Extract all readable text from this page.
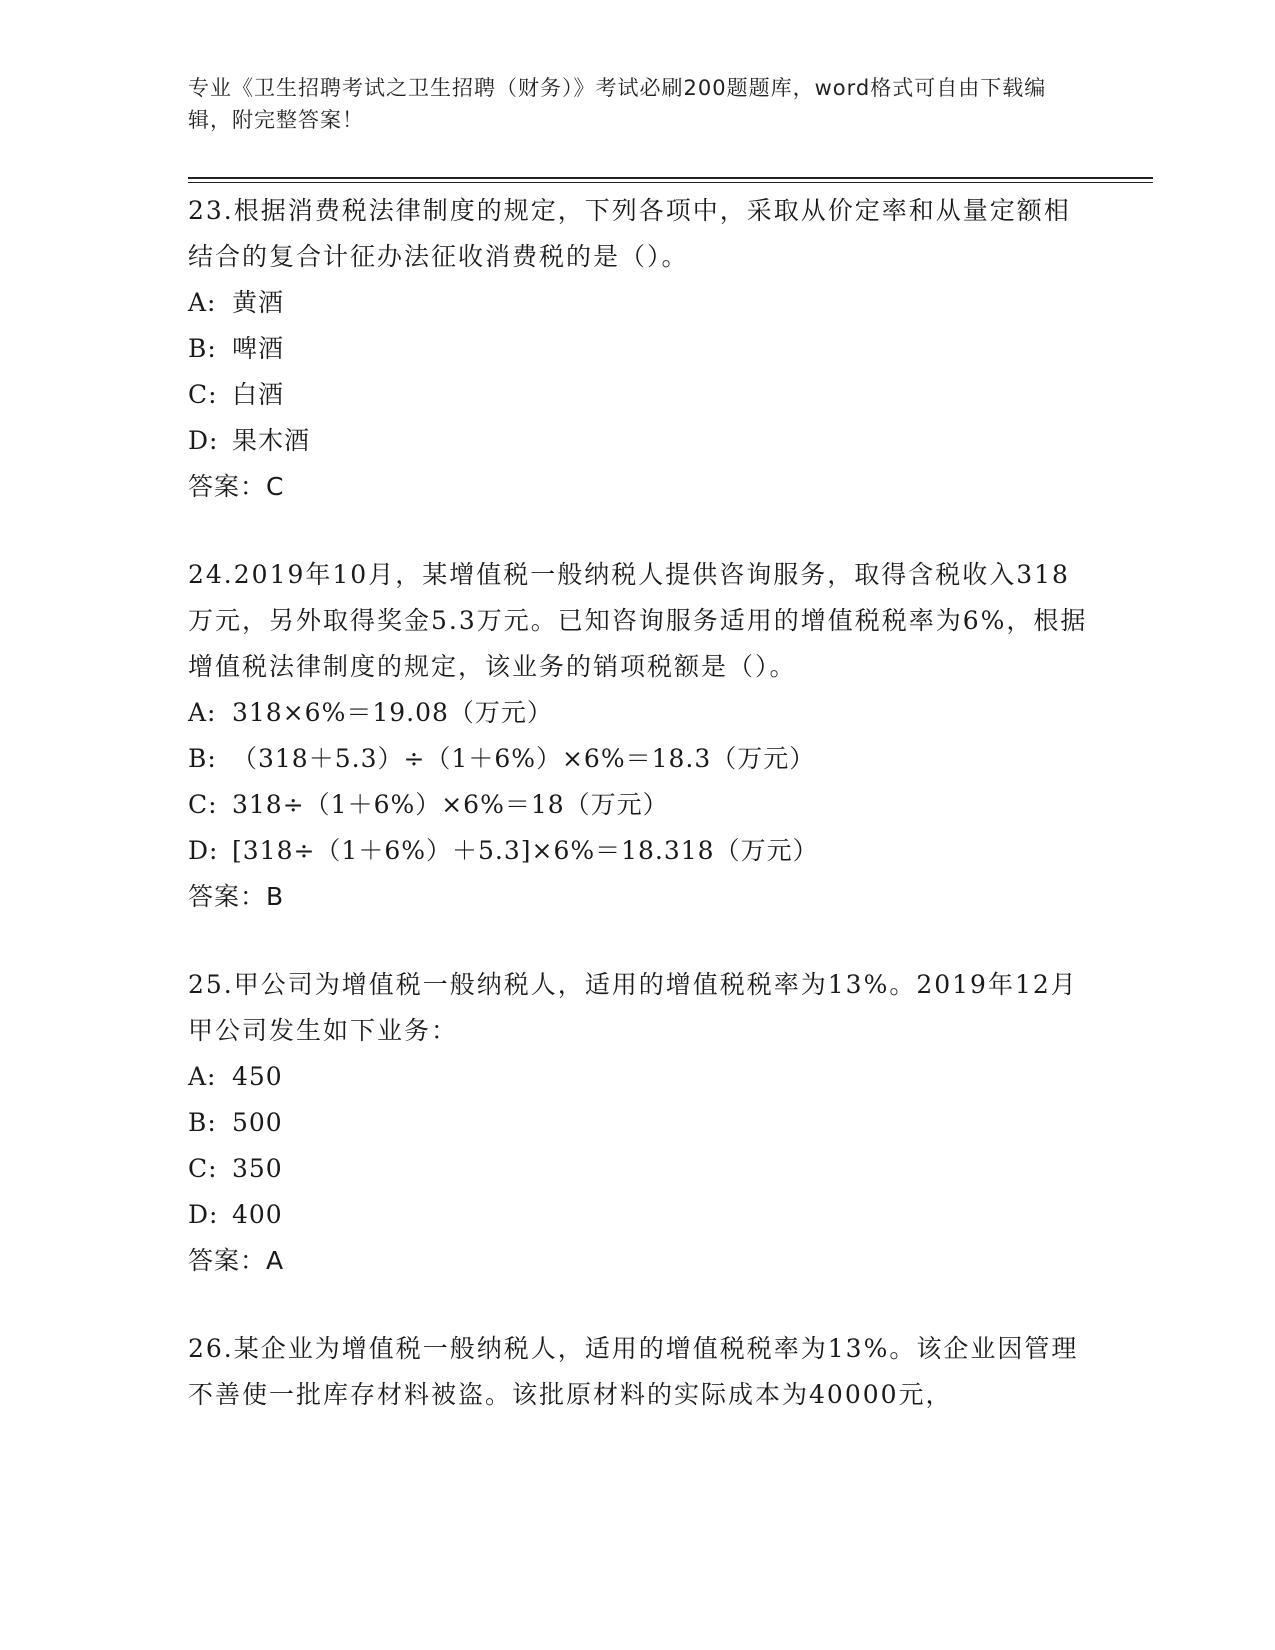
专业《卫生招聘考试之卫生招聘（财务）》考试必刷200题题库，word格式可自由下载编辑，附完整答案！
23.根据消费税法律制度的规定，下列各项中，采取从价定率和从量定额相结合的复合计征办法征收消费税的是（）。
A: 黄酒
B: 啤酒
C: 白酒
D: 果木酒
答案：C
24.2019年10月，某增值税一般纳税人提供咨询服务，取得含税收入318万元，另外取得奖金5.3万元。已知咨询服务适用的增值税税率为6%，根据增值税法律制度的规定，该业务的销项税额是（）。
A: 318×6%＝19.08（万元）
B: （318＋5.3）÷（1＋6%）×6%＝18.3（万元）
C: 318÷（1＋6%）×6%＝18（万元）
D: [318÷（1＋6%）＋5.3]×6%＝18.318（万元）
答案：B
25.甲公司为增值税一般纳税人，适用的增值税税率为13%。2019年12月甲公司发生如下业务：
A: 450
B: 500
C: 350
D: 400
答案：A
26.某企业为增值税一般纳税人，适用的增值税税率为13%。该企业因管理不善使一批库存材料被盗。该批原材料的实际成本为40000元，
